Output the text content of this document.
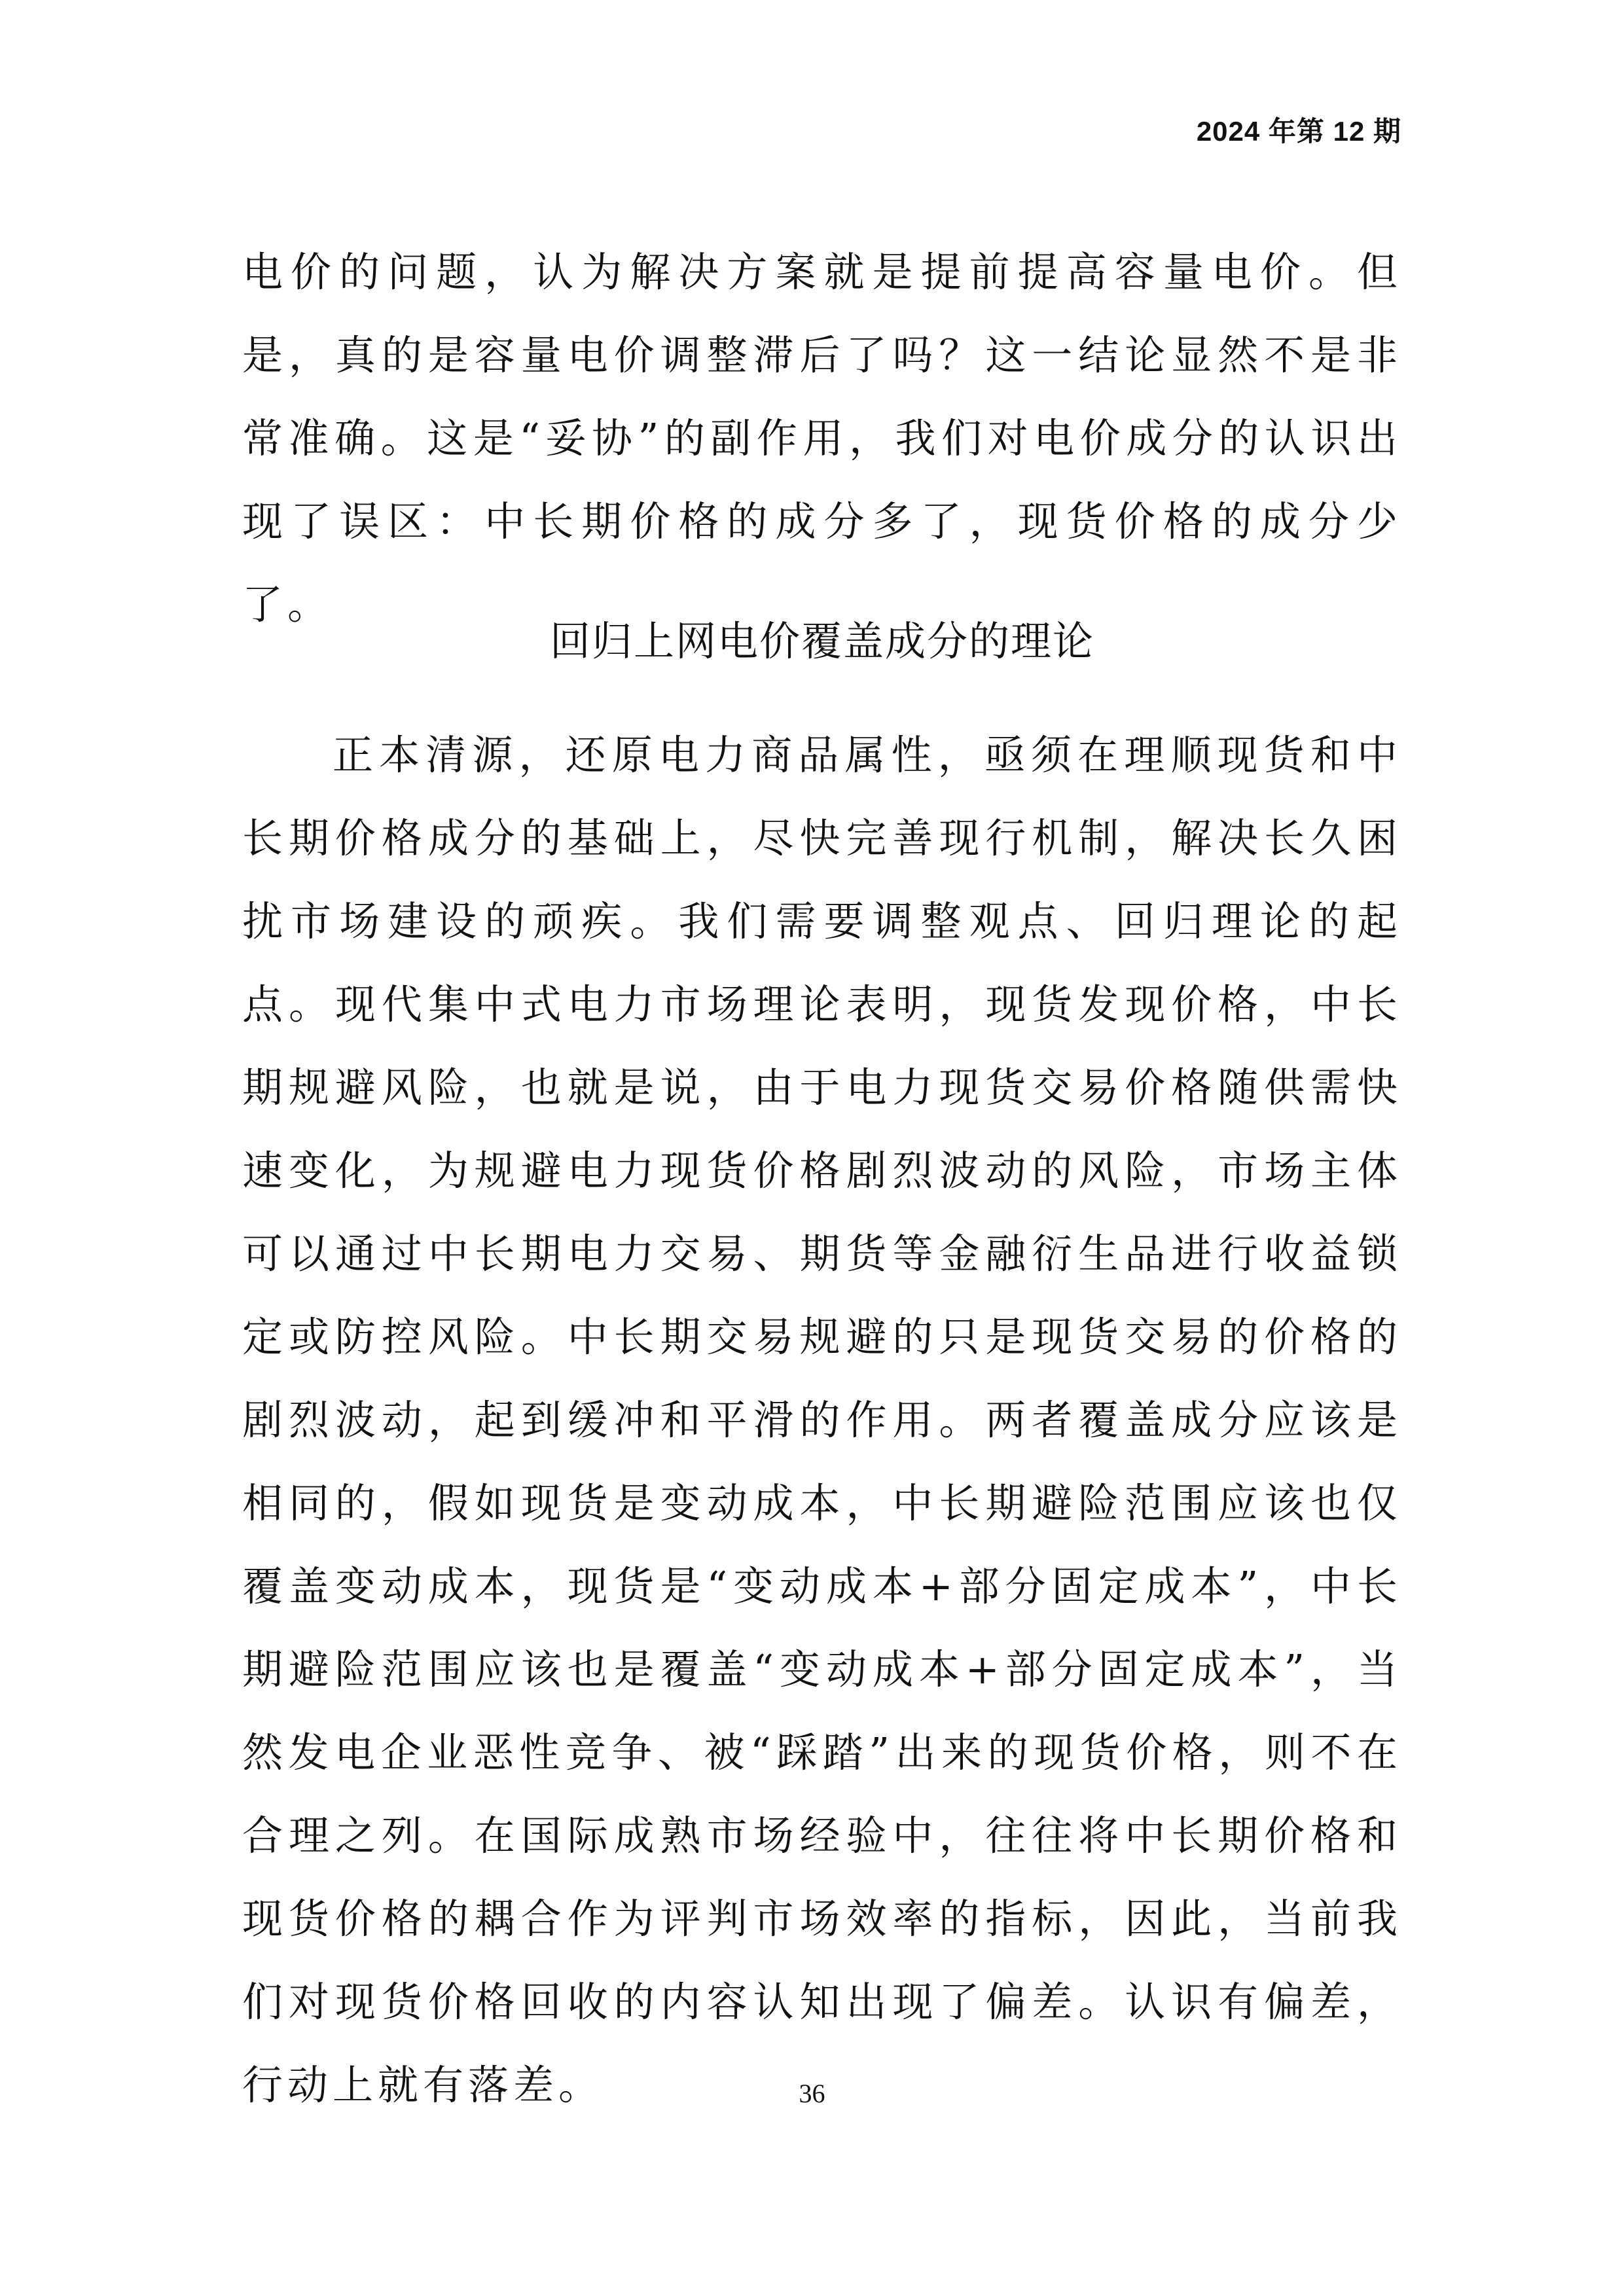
2024 年第 12 期

电价的问题，认为解决方案就是提前提高容量电价。但是，真的是容量电价调整滞后了吗？这一结论显然不是非常准确。这是“妥协”的副作用，我们对电价成分的认识出现了误区：中长期价格的成分多了，现货价格的成分少了。

回归上网电价覆盖成分的理论

正本清源，还原电力商品属性，亟须在理顺现货和中长期价格成分的基础上，尽快完善现行机制，解决长久困扰市场建设的顽疾。我们需要调整观点、回归理论的起点。现代集中式电力市场理论表明，现货发现价格，中长期规避风险，也就是说，由于电力现货交易价格随供需快速变化，为规避电力现货价格剧烈波动的风险，市场主体可以通过中长期电力交易、期货等金融衍生品进行收益锁定或防控风险。中长期交易规避的只是现货交易的价格的剧烈波动，起到缓冲和平滑的作用。两者覆盖成分应该是相同的，假如现货是变动成本，中长期避险范围应该也仅覆盖变动成本，现货是“变动成本+部分固定成本”，中长期避险范围应该也是覆盖“变动成本+部分固定成本”，当然发电企业恶性竞争、被“踩踏”出来的现货价格，则不在合理之列。在国际成熟市场经验中，往往将中长期价格和现货价格的耦合作为评判市场效率的指标，因此，当前我们对现货价格回收的内容认知出现了偏差。认识有偏差，行动上就有落差。	36
